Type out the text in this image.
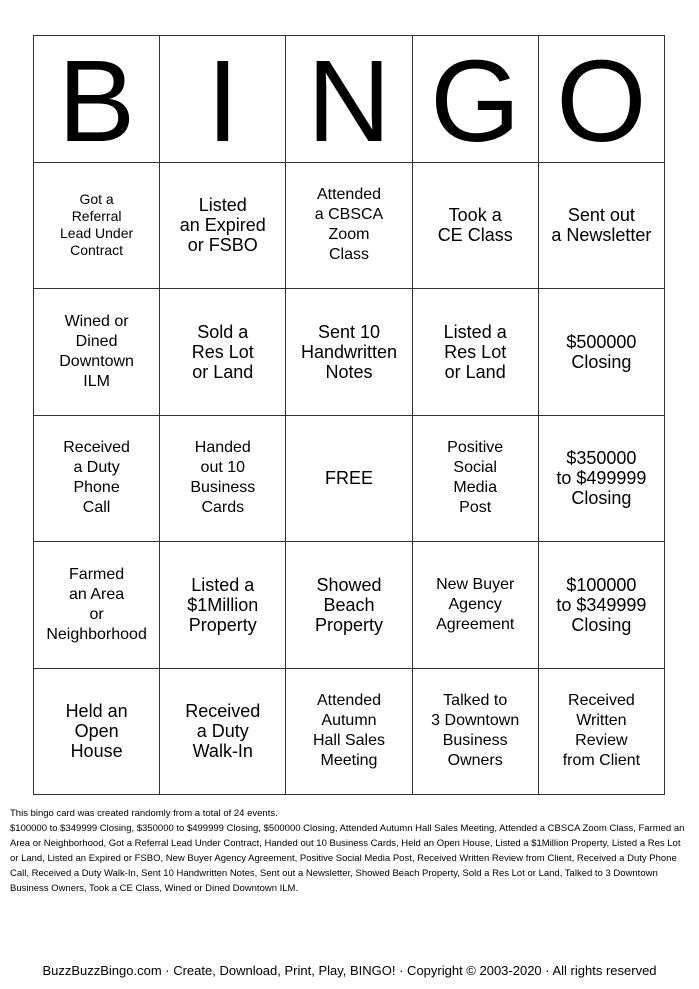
B I N G O
Got a
Referral
Lead Under
Contract
Listed
an Expired
or FSBO
Attended
a CBSCA
Zoom
Class
Took a
CE Class
Sent out
a Newsletter
Wined or
Dined
Downtown
ILM
Sold a
Res Lot
or Land
Sent 10
Handwritten
Notes
Listed a
Res Lot
or Land
$500000
Closing
Received
a Duty
Phone
Call
Handed
out 10
Business
Cards
FREE
Positive
Social
Media
Post
$350000
to $499999
Closing
Farmed
an Area
or
Neighborhood
Listed a
$1Million
Property
Showed
Beach
Property
New Buyer
Agency
Agreement
$100000
to $349999
Closing
Held an
Open
House
Received
a Duty
Walk-In
Attended
Autumn
Hall Sales
Meeting
Talked to
3 Downtown
Business
Owners
Received
Written
Review
from Client

This bingo card was created randomly from a total of 24 events.

$100000 to $349999 Closing, $350000 to $499999 Closing, $500000 Closing, Attended Autumn Hall Sales Meeting, Attended a CBSCA Zoom Class, Farmed an Area or Neighborhood, Got a Referral Lead Under Contract, Handed out 10 Business Cards, Held an Open House, Listed a $1Million Property, Listed a Res Lot or Land, Listed an Expired or FSBO, New Buyer Agency Agreement, Positive Social Media Post, Received Written Review from Client, Received a Duty Phone Call, Received a Duty Walk-In, Sent 10 Handwritten Notes, Sent out a Newsletter, Showed Beach Property, Sold a Res Lot or Land, Talked to 3 Downtown Business Owners, Took a CE Class, Wined or Dined Downtown ILM.

BuzzBuzzBingo.com · Create, Download, Print, Play, BINGO! · Copyright © 2003-2020 · All rights reserved
